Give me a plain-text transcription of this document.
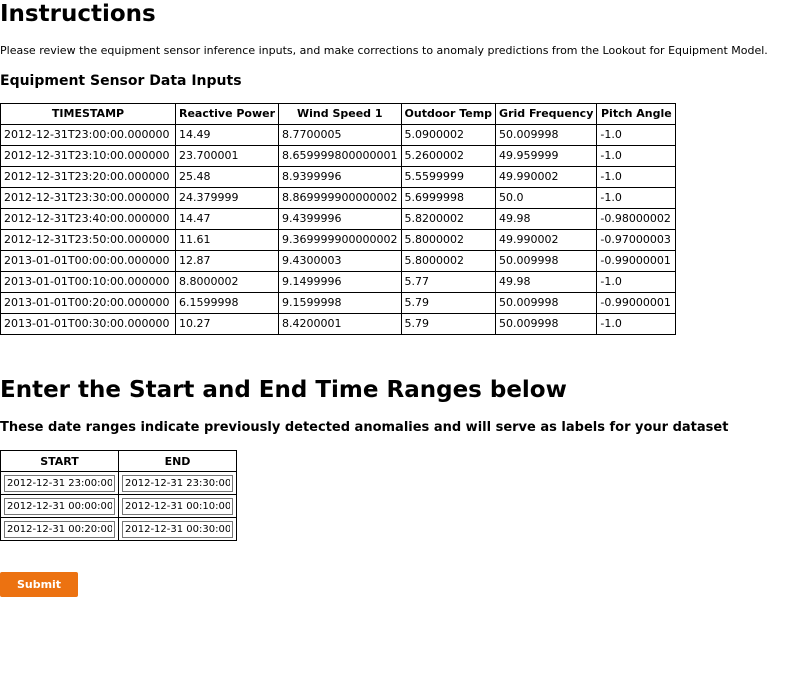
Instructions

Please review the equipment sensor inference inputs, and make corrections to anomaly predictions from the Lookout for Equipment Model.

Equipment Sensor Data Inputs
TIMESTAMP	Reactive Power	Wind Speed 1	Outdoor Temp	Grid Frequency	Pitch Angle
2012-12-31T23:00:00.000000	14.49	8.7700005	5.0900002	50.009998	-1.0
2012-12-31T23:10:00.000000	23.700001	8.659999800000001	5.2600002	49.959999	-1.0
2012-12-31T23:20:00.000000	25.48	8.9399996	5.5599999	49.990002	-1.0
2012-12-31T23:30:00.000000	24.379999	8.869999900000002	5.6999998	50.0	-1.0
2012-12-31T23:40:00.000000	14.47	9.4399996	5.8200002	49.98	-0.98000002
2012-12-31T23:50:00.000000	11.61	9.369999900000002	5.8000002	49.990002	-0.97000003
2013-01-01T00:00:00.000000	12.87	9.4300003	5.8000002	50.009998	-0.99000001
2013-01-01T00:10:00.000000	8.8000002	9.1499996	5.77	49.98	-1.0
2013-01-01T00:20:00.000000	6.1599998	9.1599998	5.79	50.009998	-0.99000001
2013-01-01T00:30:00.000000	10.27	8.4200001	5.79	50.009998	-1.0
Enter the Start and End Time Ranges below
These date ranges indicate previously detected anomalies and will serve as labels for your dataset
START	END
2012-12-31 23:00:00.00	2012-12-31 23:30:00.00
2012-12-31 00:00:00.00	2012-12-31 00:10:00.00
2012-12-31 00:20:00.00	2012-12-31 00:30:00.00
Submit
